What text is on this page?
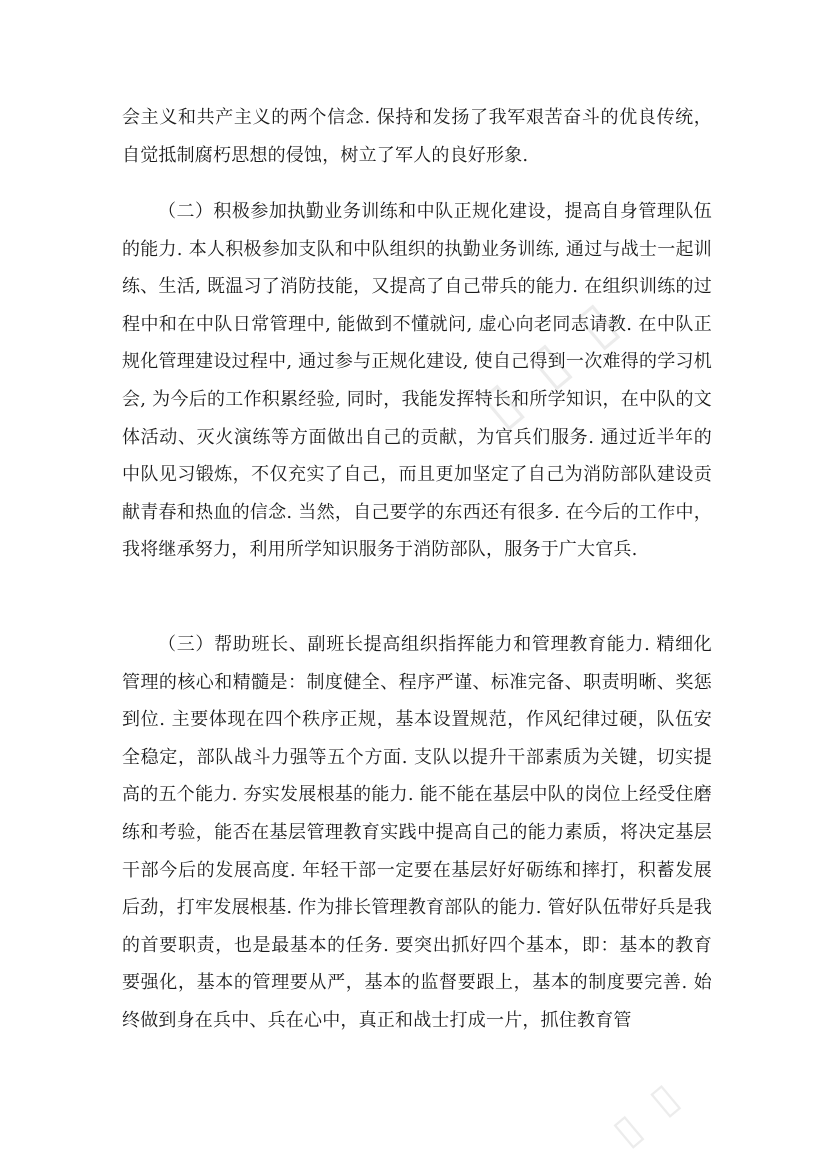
▯ ▯ ▯
▯ ▯

会主义和共产主义的两个信念. 保持和发扬了我军艰苦奋斗的优良传统，自觉抵制腐朽思想的侵蚀，树立了军人的良好形象.

（二）积极参加执勤业务训练和中队正规化建设，提高自身管理队伍的能力. 本人积极参加支队和中队组织的执勤业务训练, 通过与战士一起训练、生活, 既温习了消防技能，又提高了自己带兵的能力. 在组织训练的过程中和在中队日常管理中, 能做到不懂就问, 虚心向老同志请教. 在中队正规化管理建设过程中, 通过参与正规化建设, 使自己得到一次难得的学习机会, 为今后的工作积累经验, 同时，我能发挥特长和所学知识，在中队的文体活动、灭火演练等方面做出自己的贡献，为官兵们服务. 通过近半年的中队见习锻炼，不仅充实了自己，而且更加坚定了自己为消防部队建设贡献青春和热血的信念. 当然，自己要学的东西还有很多. 在今后的工作中，我将继承努力，利用所学知识服务于消防部队，服务于广大官兵.

（三）帮助班长、副班长提高组织指挥能力和管理教育能力. 精细化管理的核心和精髓是：制度健全、程序严谨、标准完备、职责明晰、奖惩到位. 主要体现在四个秩序正规，基本设置规范，作风纪律过硬，队伍安全稳定，部队战斗力强等五个方面. 支队以提升干部素质为关键，切实提高的五个能力. 夯实发展根基的能力. 能不能在基层中队的岗位上经受住磨练和考验，能否在基层管理教育实践中提高自己的能力素质，将决定基层干部今后的发展高度. 年轻干部一定要在基层好好砺练和摔打，积蓄发展后劲，打牢发展根基. 作为排长管理教育部队的能力. 管好队伍带好兵是我的首要职责，也是最基本的任务. 要突出抓好四个基本，即：基本的教育要强化，基本的管理要从严，基本的监督要跟上，基本的制度要完善. 始终做到身在兵中、兵在心中，真正和战士打成一片，抓住教育管
